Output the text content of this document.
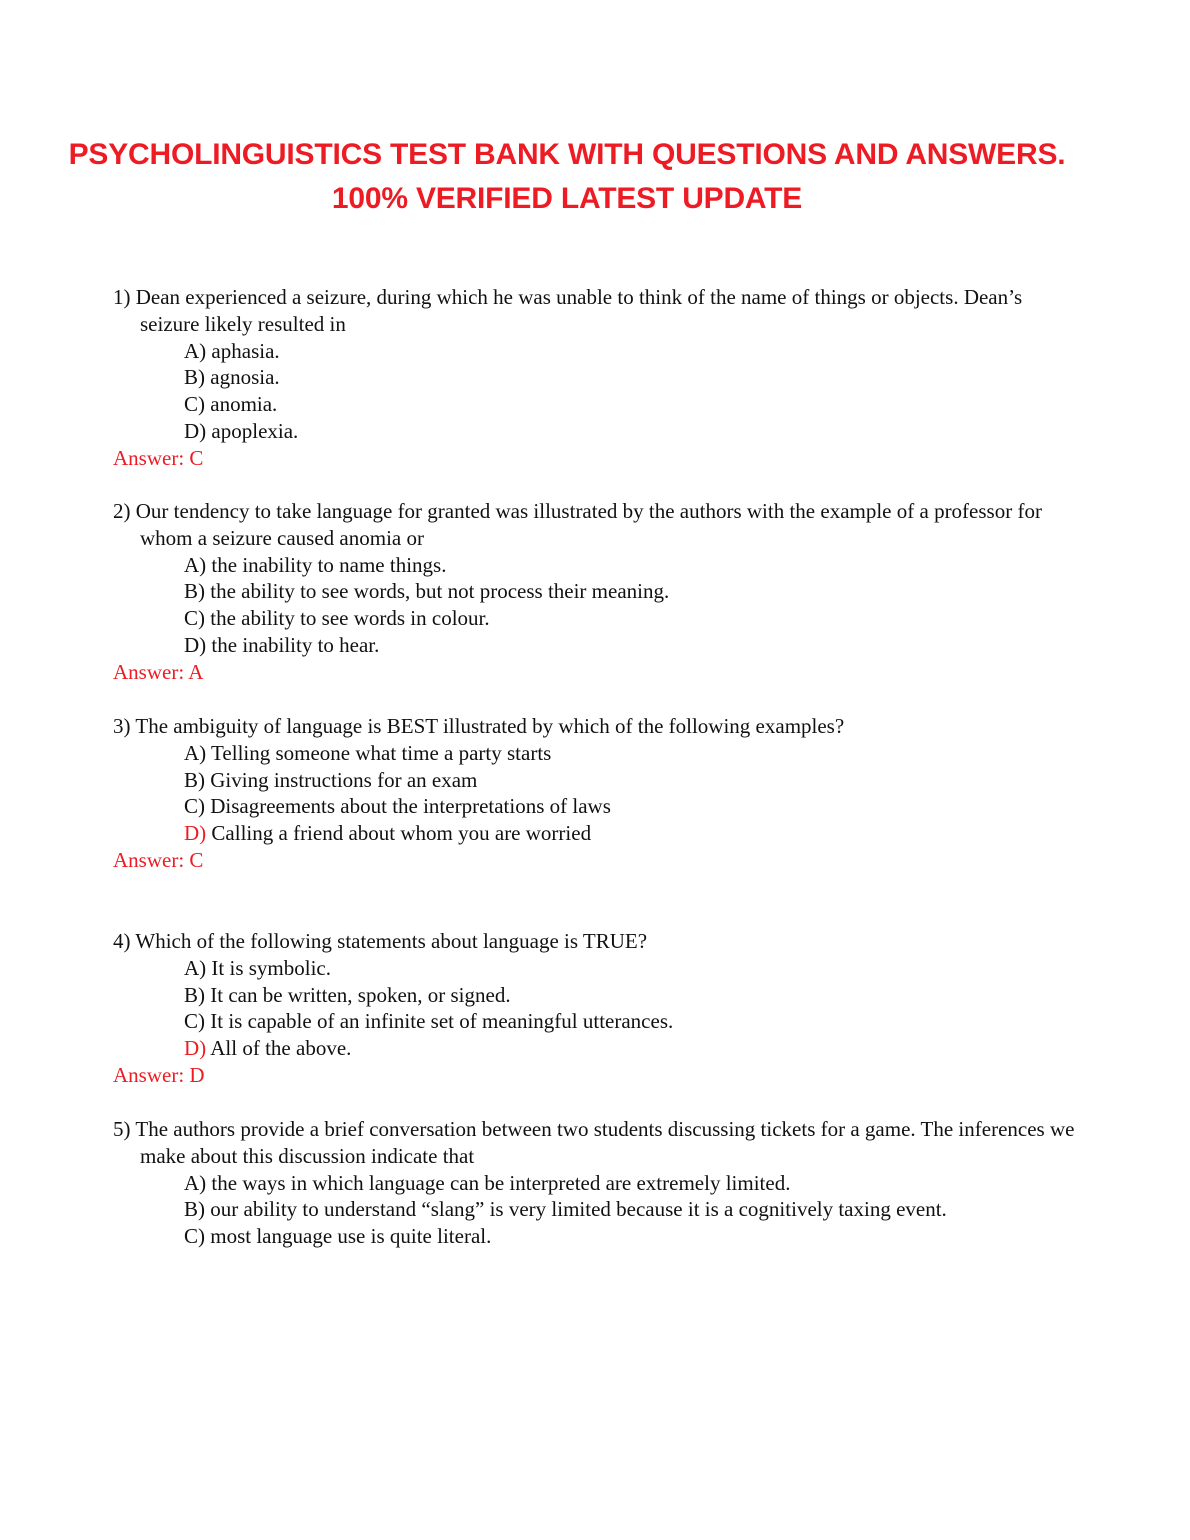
PSYCHOLINGUISTICS TEST BANK WITH QUESTIONS AND ANSWERS.
100% VERIFIED LATEST UPDATE

1) Dean experienced a seizure, during which he was unable to think of the name of things or objects. Dean’s seizure likely resulted in

A) aphasia.

B) agnosia.

C) anomia.

D) apoplexia.

Answer: C

2) Our tendency to take language for granted was illustrated by the authors with the example of a professor for whom a seizure caused anomia or

A) the inability to name things.

B) the ability to see words, but not process their meaning.

C) the ability to see words in colour.

D) the inability to hear.

Answer: A

3) The ambiguity of language is BEST illustrated by which of the following examples?

A) Telling someone what time a party starts

B) Giving instructions for an exam

C) Disagreements about the interpretations of laws

D) Calling a friend about whom you are worried

Answer: C

4) Which of the following statements about language is TRUE?

A) It is symbolic.

B) It can be written, spoken, or signed.

C) It is capable of an infinite set of meaningful utterances.

D) All of the above.

Answer: D

5) The authors provide a brief conversation between two students discussing tickets for a game. The inferences we make about this discussion indicate that

A) the ways in which language can be interpreted are extremely limited.

B) our ability to understand “slang” is very limited because it is a cognitively taxing event.

C) most language use is quite literal.
